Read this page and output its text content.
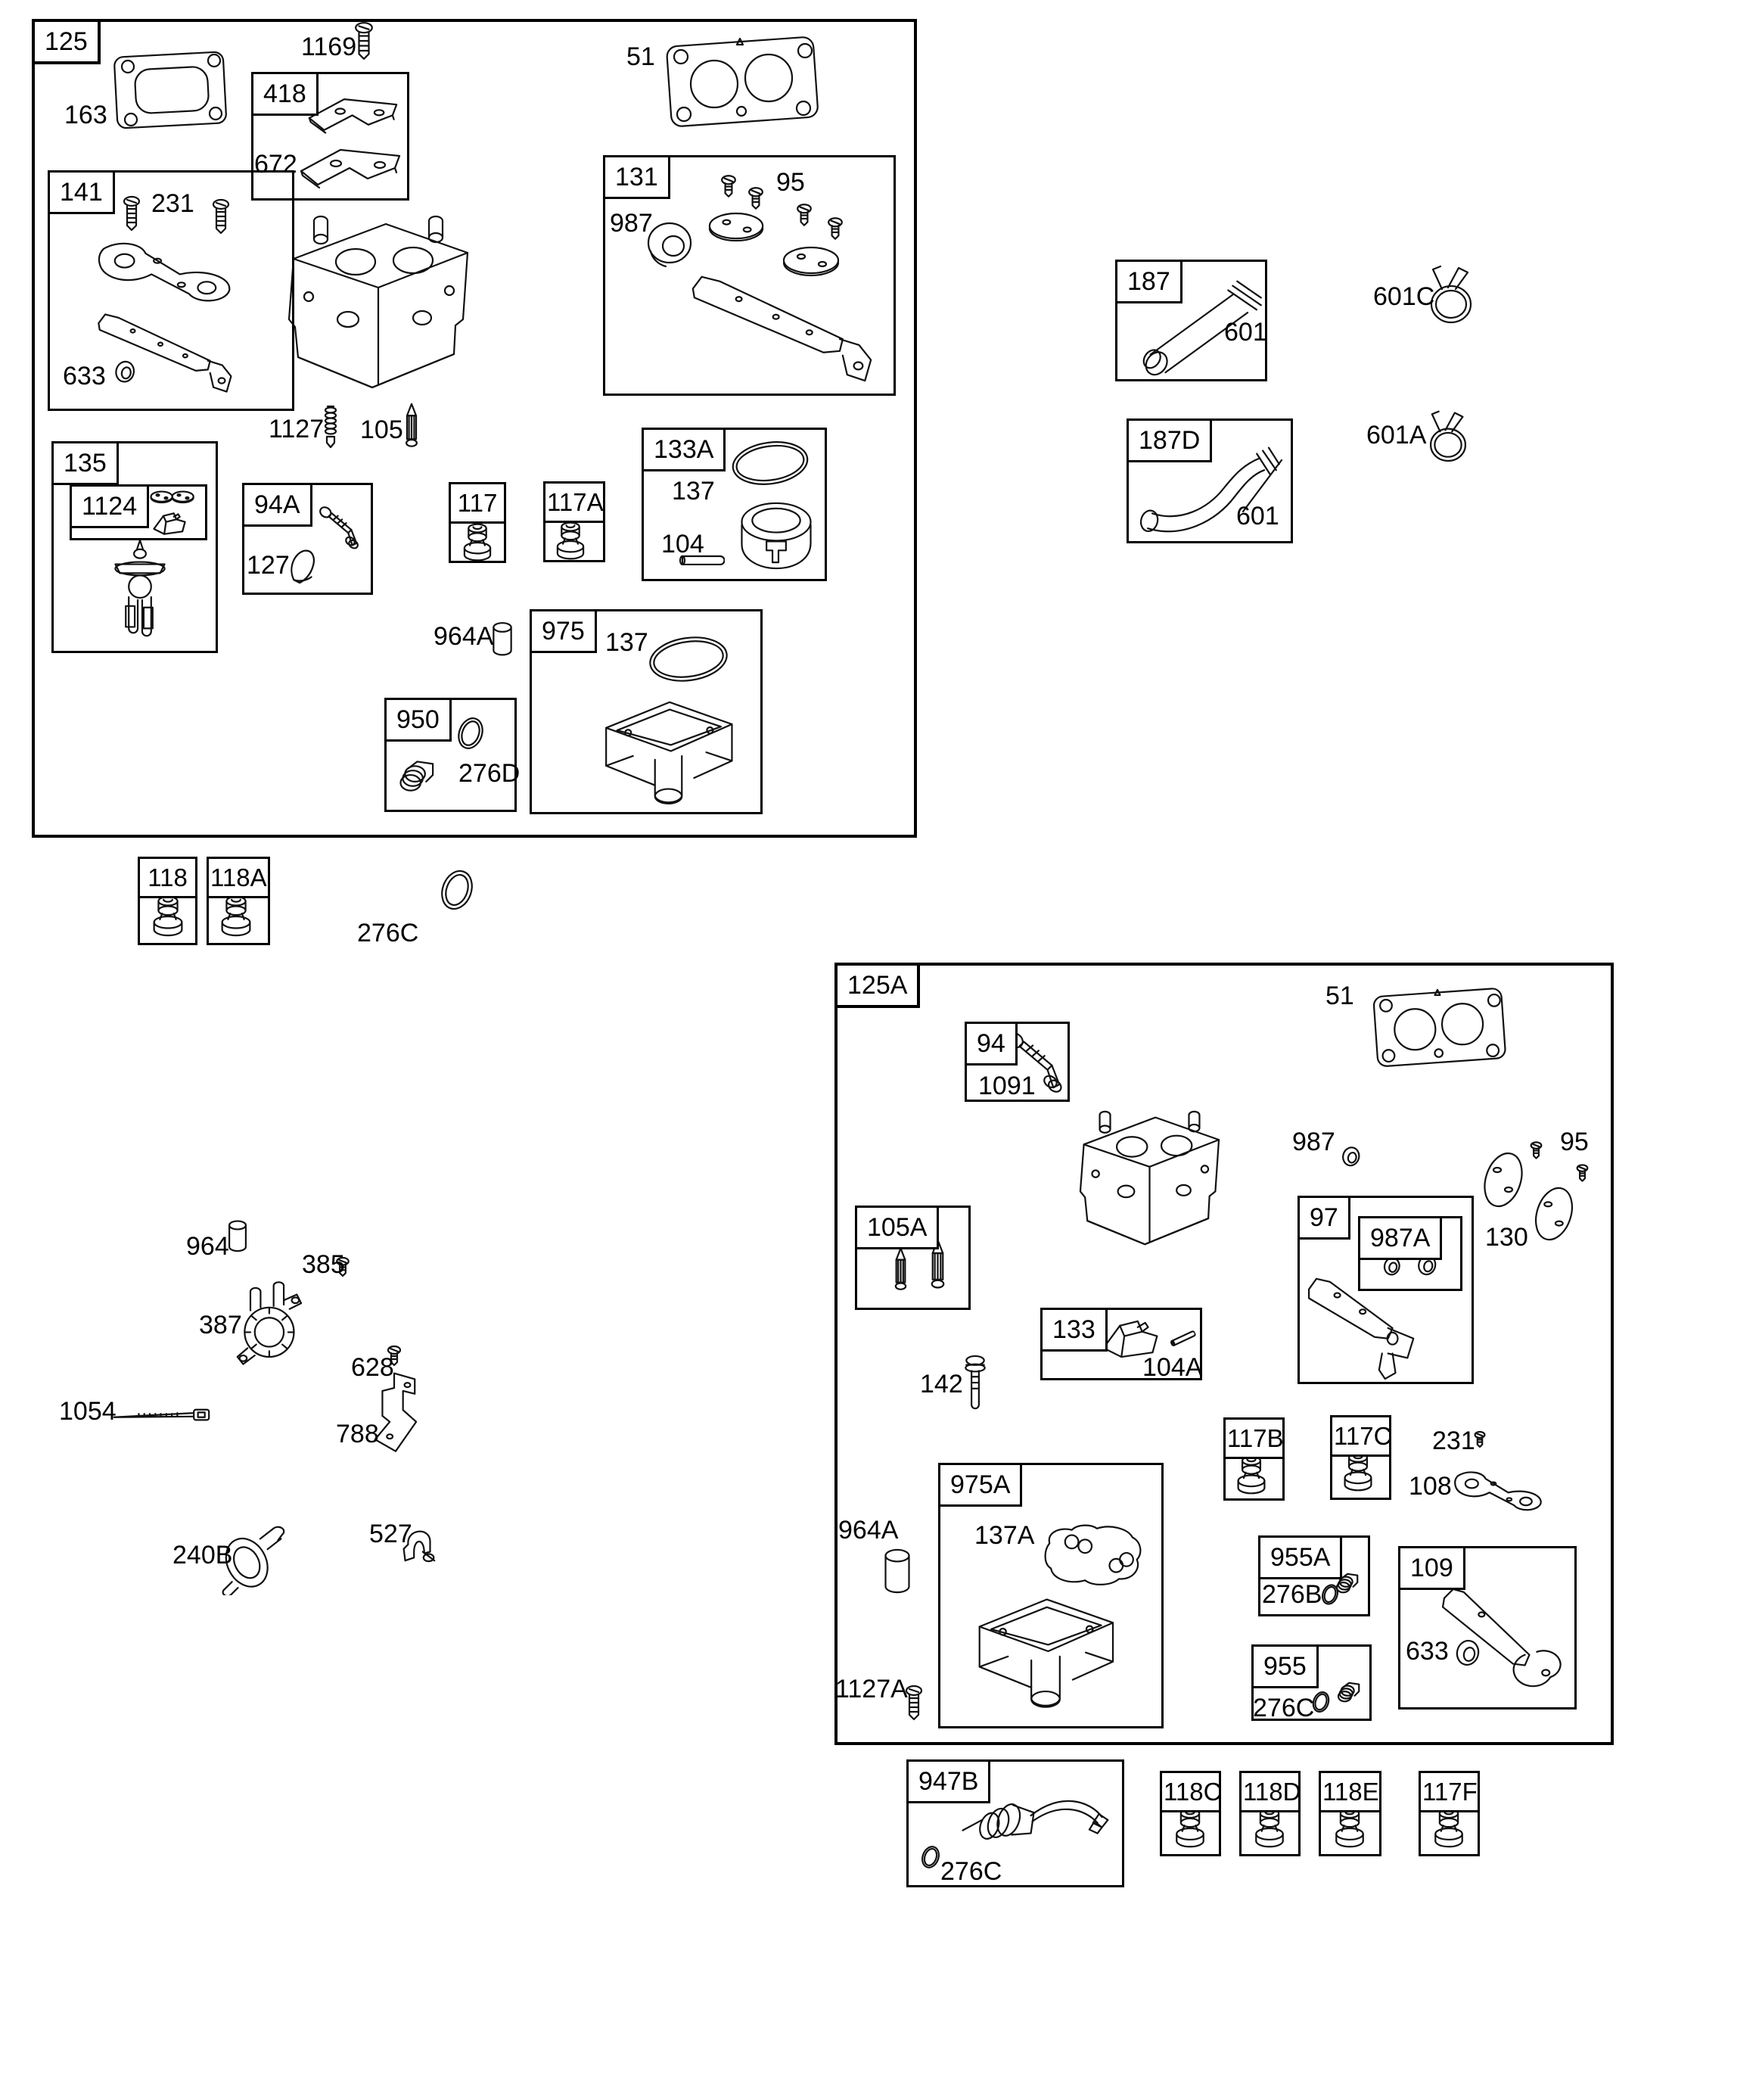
125
163
1169	51
418
672
141	231
633
131	95
987
1127 105
135
1124	94A
127
117 117A
133A
137
104
964A
950
276D
975 137
187
601
601C
187D
601
601A
118 118A
276C
964
385
387
628
1054
788
240B
527
125A	51
94
1091
987	95
130
105A	97
987A
133
104A
142
117B 117C 231
108
975A
137A
964A
1127A
955A
276B
955
276C
109
633
947B
276C
118C 118D 118E 117F
